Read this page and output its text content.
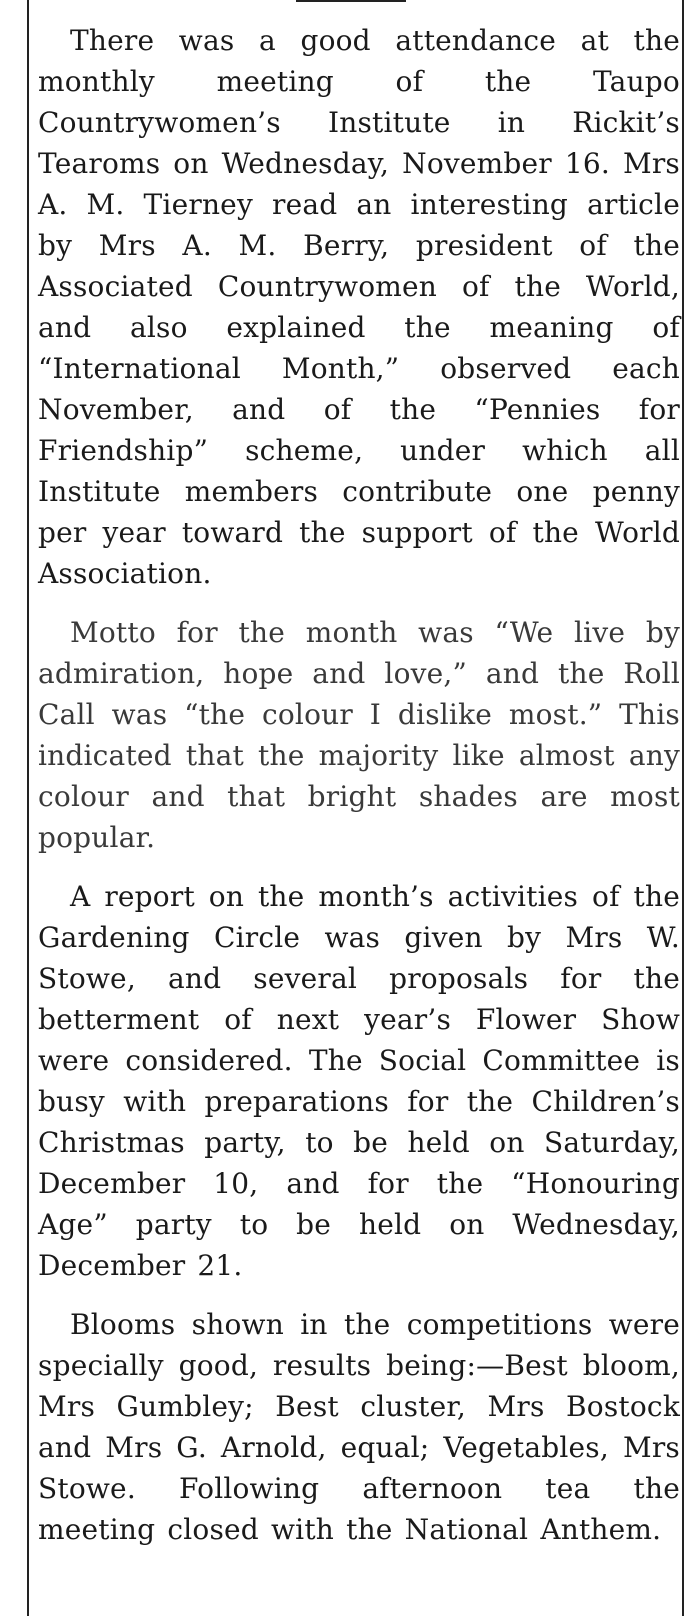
There was a good attendance at the monthly meeting of the Taupo Countrywomen’s Institute in Rickit’s Tearoms on Wednesday, November 16. Mrs A. M. Tierney read an interesting article by Mrs A. M. Berry, president of the Associated Countrywomen of the World, and also explained the meaning of “International Month,” observed each November, and of the “Pennies for Friendship” scheme, under which all Institute members contribute one penny per year toward the support of the World Association.

Motto for the month was “We live by admiration, hope and love,” and the Roll Call was “the colour I dislike most.” This indicated that the majority like almost any colour and that bright shades are most popular.

A report on the month’s activities of the Gardening Circle was given by Mrs W. Stowe, and several proposals for the betterment of next year’s Flower Show were considered. The Social Committee is busy with preparations for the Children’s Christmas party, to be held on Saturday, December 10, and for the “Honouring Age” party to be held on Wednesday, December 21.

Blooms shown in the competitions were specially good, results being:—Best bloom, Mrs Gumbley; Best cluster, Mrs Bostock and Mrs G. Arnold, equal; Vegetables, Mrs Stowe. Following afternoon tea the meeting closed with the National Anthem.
